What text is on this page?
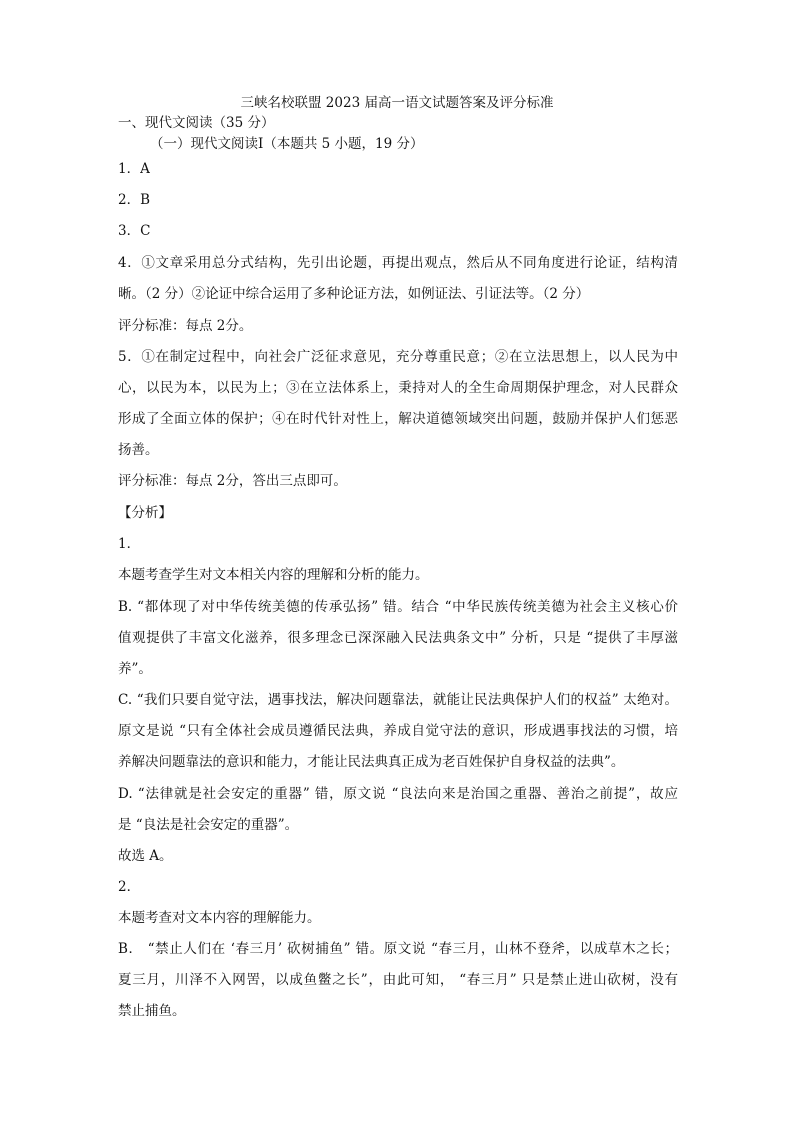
三峡名校联盟 2023 届高一语文试题答案及评分标准
一、现代文阅读（35 分）
（一）现代文阅读Ⅰ（本题共 5 小题，19 分）
1．A
2．B
3．C
4．①文章采用总分式结构，先引出论题，再提出观点，然后从不同角度进行论证，结构清
晰。（2 分）②论证中综合运用了多种论证方法，如例证法、引证法等。（2 分）
评分标准：每点 2分。
5．①在制定过程中，向社会广泛征求意见，充分尊重民意；②在立法思想上，以人民为中
心，以民为本，以民为上；③在立法体系上，秉持对人的全生命周期保护理念，对人民群众
形成了全面立体的保护；④在时代针对性上，解决道德领域突出问题，鼓励并保护人们惩恶
扬善。
评分标准：每点 2分，答出三点即可。
【分析】
1．
本题考查学生对文本相关内容的理解和分析的能力。
B. “都体现了对中华传统美德的传承弘扬” 错。结合 “中华民族传统美德为社会主义核心价
值观提供了丰富文化滋养，很多理念已深深融入民法典条文中” 分析，只是 “提供了丰厚滋
养”。
C. “我们只要自觉守法，遇事找法，解决问题靠法，就能让民法典保护人们的权益” 太绝对。
原文是说 “只有全体社会成员遵循民法典，养成自觉守法的意识，形成遇事找法的习惯，培
养解决问题靠法的意识和能力，才能让民法典真正成为老百姓保护自身权益的法典”。
D. “法律就是社会安定的重器” 错，原文说 “良法向来是治国之重器、善治之前提”，故应
是 “良法是社会安定的重器”。
故选 A。
2．
本题考查对文本内容的理解能力。
B． “禁止人们在 ‘春三月’ 砍树捕鱼” 错。原文说 “春三月，山林不登斧，以成草木之长；
夏三月，川泽不入网罟，以成鱼鳖之长”，由此可知， “春三月” 只是禁止进山砍树，没有
禁止捕鱼。
